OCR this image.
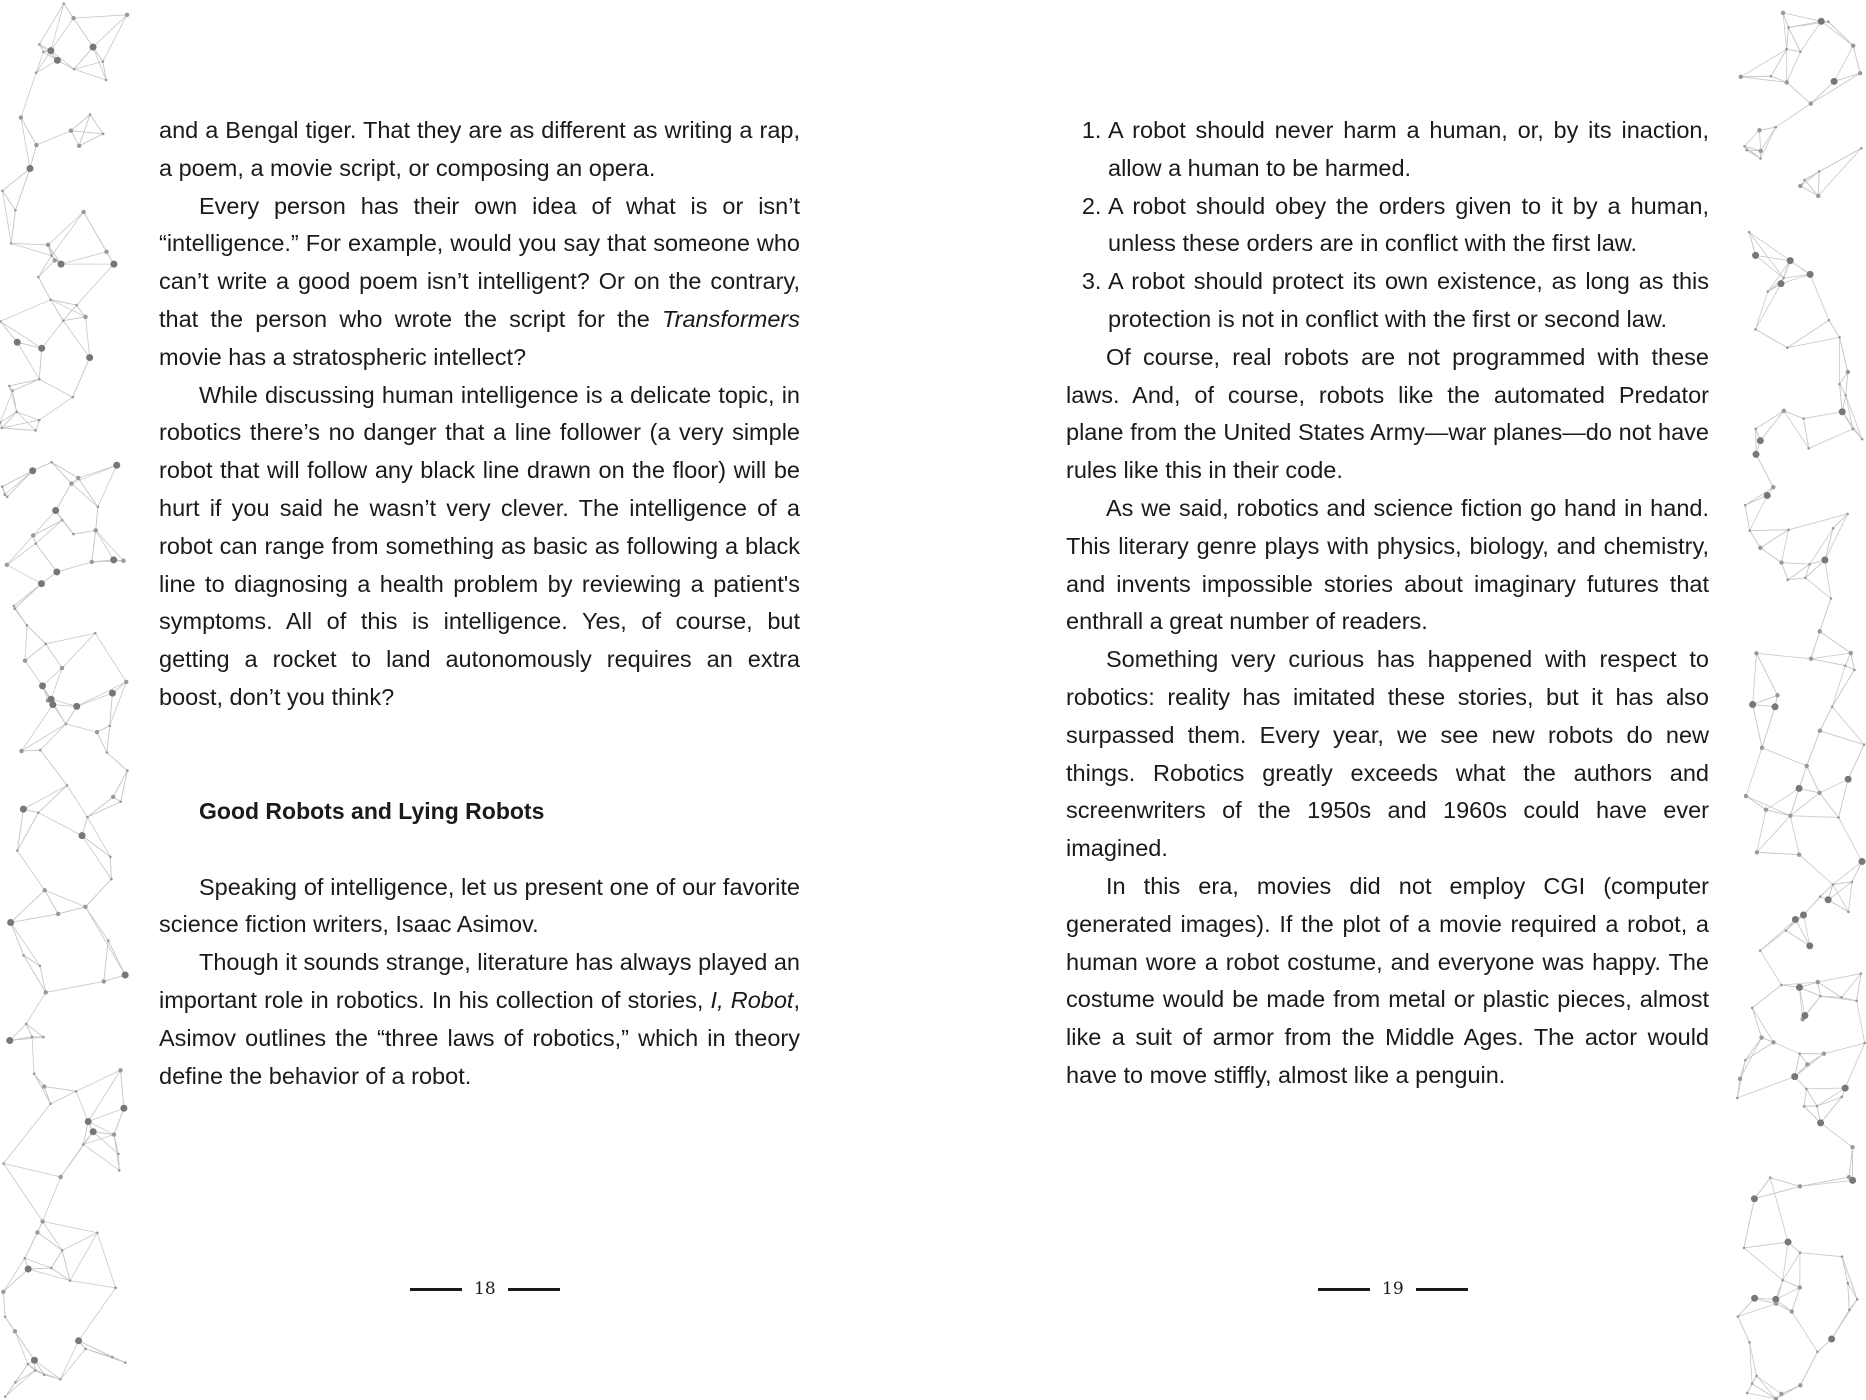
and a Bengal tiger. That they are as different as writing a rap, a poem, a movie script, or composing an opera.

Every person has their own idea of what is or isn’t “intelligence.” For example, would you say that someone who can’t write a good poem isn’t intelligent? Or on the contrary, that the person who wrote the script for the Transformers movie has a stratospheric intellect?

While discussing human intelligence is a delicate topic, in robotics there’s no danger that a line follower (a very simple robot that will follow any black line drawn on the floor) will be hurt if you said he wasn’t very clever. The intelligence of a robot can range from something as basic as following a black line to diagnosing a health problem by reviewing a patient's symptoms. All of this is intelligence. Yes, of course, but getting a rocket to land autonomously requires an extra boost, don’t you think?

Good Robots and Lying Robots

Speaking of intelligence, let us present one of our favorite science fiction writers, Isaac Asimov.

Though it sounds strange, literature has always played an important role in robotics. In his collection of stories, I, Robot, Asimov outlines the “three laws of robotics,” which in theory define the behavior of a robot.

1. A robot should never harm a human, or, by its inaction, allow a human to be harmed.
2. A robot should obey the orders given to it by a human, unless these orders are in conflict with the first law.
3. A robot should protect its own existence, as long as this protection is not in conflict with the first or second law.

Of course, real robots are not programmed with these laws. And, of course, robots like the automated Predator plane from the United States Army—war planes—do not have rules like this in their code.

As we said, robotics and science fiction go hand in hand. This literary genre plays with physics, biology, and chemistry, and invents impossible stories about imaginary futures that enthrall a great number of readers.

Something very curious has happened with respect to robotics: reality has imitated these stories, but it has also surpassed them. Every year, we see new robots do new things. Robotics greatly exceeds what the authors and screenwriters of the 1950s and 1960s could have ever imagined.

In this era, movies did not employ CGI (computer generated images). If the plot of a movie required a robot, a human wore a robot costume, and everyone was happy. The costume would be made from metal or plastic pieces, almost like a suit of armor from the Middle Ages. The actor would have to move stiffly, almost like a penguin.

18	19
